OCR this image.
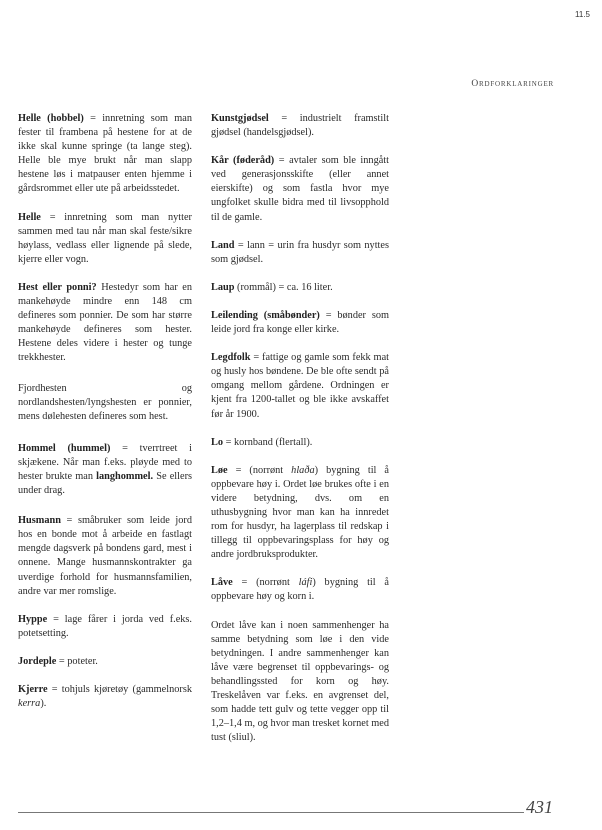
11.5
Ordforklaringer

Helle (hobbel) = innretning som man fester til frambena på hestene for at de ikke skal kunne springe (ta lange steg). Helle ble mye brukt når man slapp hestene løs i matpauser enten hjemme i gårdsrommet eller ute på arbeidsstedet.

Helle = innretning som man nytter sammen med tau når man skal feste/sikre høylass, vedlass eller lignende på slede, kjerre eller vogn.

Hest eller ponni? Hestedyr som har en mankehøyde mindre enn 148 cm defineres som ponnier. De som har større mankehøyde defineres som hester. Hestene deles videre i hester og tunge trekkhester.

Fjordhesten og nordlandshesten/lyngshesten er ponnier, mens dølehesten defineres som hest.

Hommel (hummel) = tverrtreet i skjækene. Når man f.eks. pløyde med to hester brukte man langhommel. Se ellers under drag.

Husmann = småbruker som leide jord hos en bonde mot å arbeide en fastlagt mengde dagsverk på bondens gard, mest i onnene. Mange husmannskontrakter ga uverdige forhold for husmannsfamilien, andre var mer romslige.

Hyppe = lage fårer i jorda ved f.eks. potetsetting.

Jordeple = poteter.

Kjerre = tohjuls kjøretøy (gammelnorsk kerra).

Kunstgjødsel = industrielt framstilt gjødsel (handelsgjødsel).

Kår (føderåd) = avtaler som ble inngått ved generasjonsskifte (eller annet eierskifte) og som fastla hvor mye ungfolket skulle bidra med til livsopphold til de gamle.

Land = lann = urin fra husdyr som nyttes som gjødsel.

Laup (rommål) = ca. 16 liter.

Leilending (småbønder) = bønder som leide jord fra konge eller kirke.

Legdfolk = fattige og gamle som fekk mat og husly hos bøndene. De ble ofte sendt på omgang mellom gårdene. Ordningen er kjent fra 1200-tallet og ble ikke avskaffet før år 1900.

Lo = kornband (flertall).

Løe = (norrønt hlaða) bygning til å oppbevare høy i. Ordet løe brukes ofte i en videre betydning, dvs. om en uthusbygning hvor man kan ha innredet rom for husdyr, ha lagerplass til redskap i tillegg til oppbevaringsplass for høy og andre jordbruksprodukter.

Låve = (norrønt láfi) bygning til å oppbevare høy og korn i.

Ordet låve kan i noen sammenhenger ha samme betydning som løe i den vide betydningen. I andre sammenhenger kan låve være begrenset til oppbevarings- og behandlingssted for korn og høy. Treskelåven var f.eks. en avgrenset del, som hadde tett gulv og tette vegger opp til 1,2–1,4 m, og hvor man tresket kornet med tust (sliul).

431
